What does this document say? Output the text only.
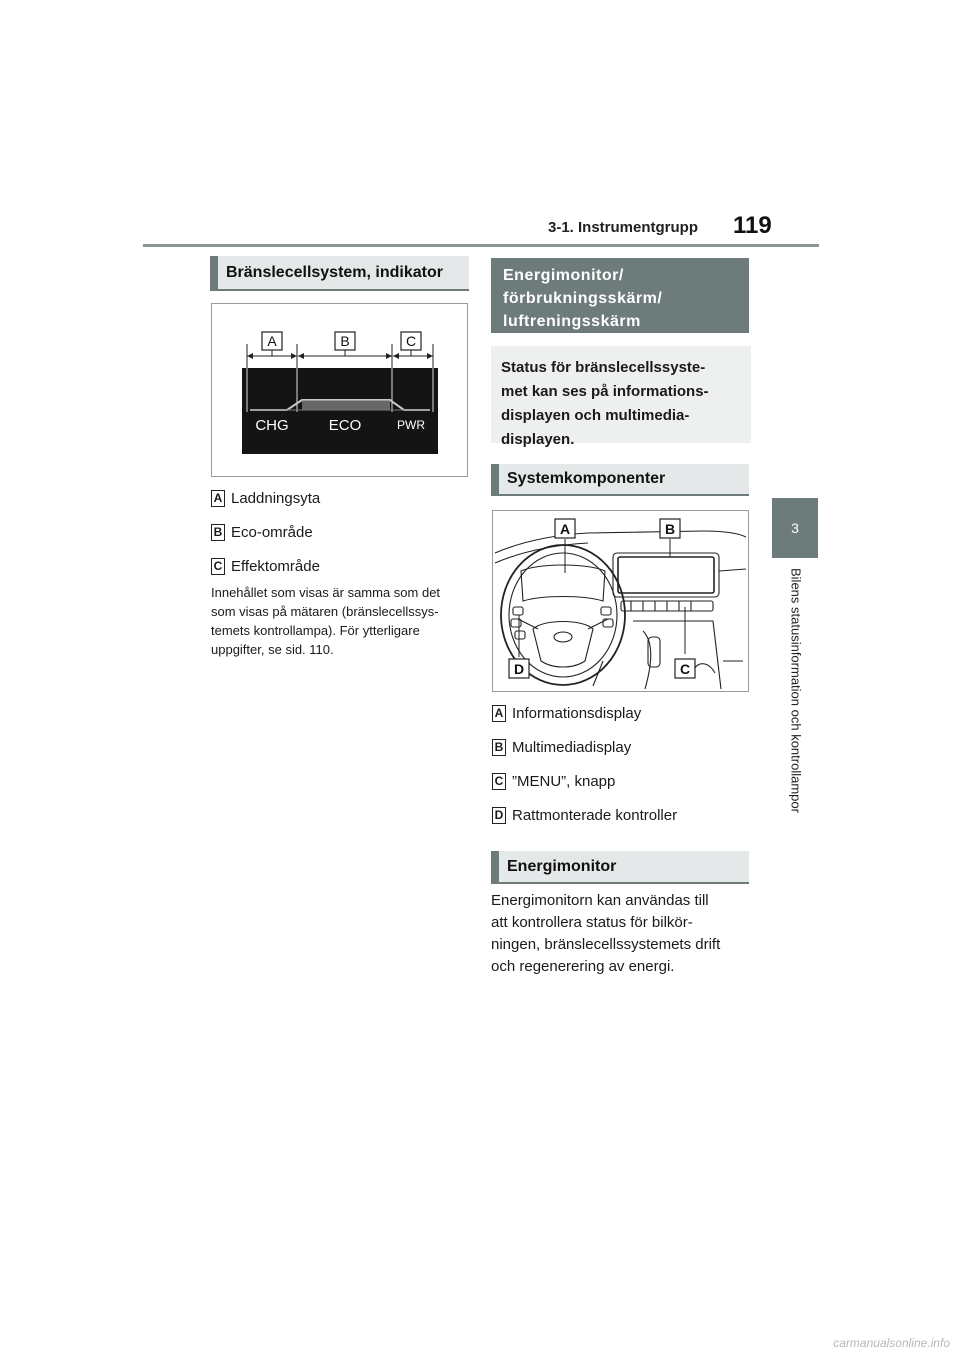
3-1. Instrumentgrupp 119
3
Bilens statusinformation och kontrollampor
Bränslecellsystem, indikator
A	B	C
CHG	ECO	PWR
A Laddningsyta
B Eco-område
C Effektområde
Innehållet som visas är samma som det
som visas på mätaren (bränslecellssys-
temets kontrollampa). För ytterligare
uppgifter, se sid. 110.
Energimonitor/
förbrukningsskärm/
luftreningsskärm
Status för bränslecellssyste-
met kan ses på informations-
displayen och multimedia-
displayen.
Systemkomponenter
A	B
C
D
A Informationsdisplay
B Multimediadisplay
C ”MENU”, knapp
D Rattmonterade kontroller
Energimonitor
Energimonitorn kan användas till
att kontrollera status för bilkör-
ningen, bränslecellssystemets drift
och regenerering av energi.
carmanualsonline.info
